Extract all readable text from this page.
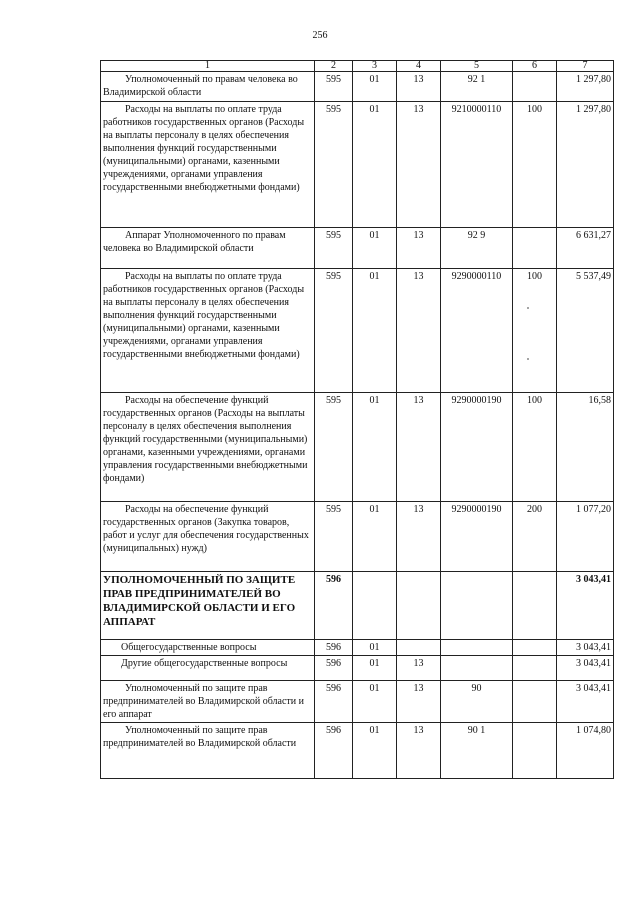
256
1	2	3	4	5	6	7

Уполномоченный по правам человека во Владимирской области	595	01	13	92 1		1 297,80

Расходы на выплаты по оплате труда работников государственных органов (Расходы на выплаты персоналу в целях обеспечения выполнения функций государственными (муниципальными) органами, казенными учреждениями, органами управления государственными внебюджетными фондами)	595	01	13	9210000110	100	1 297,80

Аппарат Уполномоченного по правам человека во Владимирской области	595	01	13	92 9		6 631,27

Расходы на выплаты по оплате труда работников государственных органов (Расходы на выплаты персоналу в целях обеспечения выполнения функций государственными (муниципальными) органами, казенными учреждениями, органами управления государственными внебюджетными фондами)	595	01	13	9290000110	100	5 537,49

Расходы на обеспечение функций государственных органов (Расходы на выплаты персоналу в целях обеспечения выполнения функций государственными (муниципальными) органами, казенными учреждениями, органами управления государственными внебюджетными фондами)	595	01	13	9290000190	100	16,58

Расходы на обеспечение функций государственных органов (Закупка товаров, работ и услуг для обеспечения государственных (муниципальных) нужд)	595	01	13	9290000190	200	1 077,20

УПОЛНОМОЧЕННЫЙ ПО ЗАЩИТЕ ПРАВ ПРЕДПРИНИМАТЕЛЕЙ ВО ВЛАДИМИРСКОЙ ОБЛАСТИ И ЕГО АППАРАТ	596					3 043,41

Общегосударственные вопросы	596	01				3 043,41

Другие общегосударственные вопросы	596	01	13			3 043,41

Уполномоченный по защите прав предпринимателей во Владимирской области и его аппарат	596	01	13	90		3 043,41

Уполномоченный по защите прав предпринимателей во Владимирской области	596	01	13	90 1		1 074,80
